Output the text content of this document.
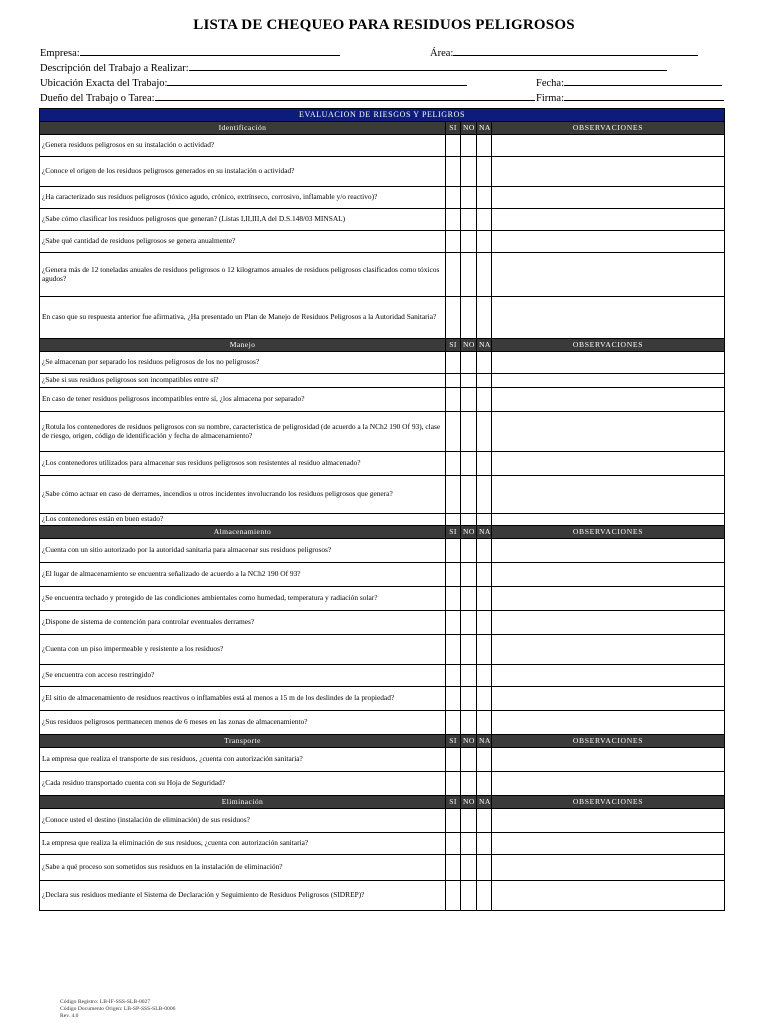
LISTA DE CHEQUEO PARA RESIDUOS PELIGROSOS
Empresa:	Área:
Descripción del Trabajo a Realizar:
Ubicación Exacta del Trabajo:	Fecha:
Dueño del Trabajo o Tarea:	Firma:
EVALUACION DE RIESGOS Y PELIGROS				
Identificación	SI	NO	NA	OBSERVACIONES
¿Genera residuos peligrosos en su instalación o actividad?				
¿Conoce el origen de los residuos peligrosos generados en su instalación o actividad?				
¿Ha caracterizado sus residuos peligrosos (tóxico agudo, crónico, extrínseco, corrosivo, inflamable y/o reactivo)?				
¿Sabe cómo clasificar los residuos peligrosos que generan? (Listas I,II,III,A del D.S.148/03 MINSAL)				
¿Sabe qué cantidad de residuos peligrosos se genera anualmente?				
¿Genera más de 12 toneladas anuales de residuos peligrosos o 12 kilogramos anuales de residuos peligrosos clasificados como tóxicos agudos?				
En caso que su respuesta anterior fue afirmativa, ¿Ha presentado un Plan de Manejo de Residuos Peligrosos a la Autoridad Sanitaria?				
Manejo	SI	NO	NA	OBSERVACIONES
¿Se almacenan por separado los residuos peligrosos de los no peligrosos?				
¿Sabe si sus residuos peligrosos son incompatibles entre sí?				
En caso de tener residuos peligrosos incompatibles entre sí, ¿los almacena por separado?				
¿Rotula los contenedores de residuos peligrosos con su nombre, característica de peligrosidad (de acuerdo a la NCh2 190 Of 93), clase de riesgo, origen, código de identificación y fecha de almacenamiento?				
¿Los contenedores utilizados para almacenar sus residuos peligrosos son resistentes al residuo almacenado?				
¿Sabe cómo actuar en caso de derrames, incendios u otros incidentes involucrando los residuos peligrosos que genera?				
¿Los contenedores están en buen estado?				
Almacenamiento	SI	NO	NA	OBSERVACIONES
¿Cuenta con un sitio autorizado por la autoridad sanitaria para almacenar sus residuos peligrosos?				
¿El lugar de almacenamiento se encuentra señalizado de acuerdo a la NCh2 190 Of 93?				
¿Se encuentra techado y protegido de las condiciones ambientales como humedad, temperatura y radiación solar?				
¿Dispone de sistema de contención para controlar eventuales derrames?				
¿Cuenta con un piso impermeable y resistente a los residuos?				
¿Se encuentra con acceso restringido?				
¿El sitio de almacenamiento de residuos reactivos o inflamables está al menos a 15 m de los deslindes de la propiedad?				
¿Sus residuos peligrosos permanecen menos de 6 meses en las zonas de almacenamiento?				
Transporte	SI	NO	NA	OBSERVACIONES
La empresa que realiza el transporte de sus residuos, ¿cuenta con autorización sanitaria?				
¿Cada residuo transportado cuenta con su Hoja de Seguridad?				
Eliminación	SI	NO	NA	OBSERVACIONES
¿Conoce usted el destino (instalación de eliminación) de sus residuos?				
La empresa que realiza la eliminación de sus residuos, ¿cuenta con autorización sanitaria?				
¿Sabe a qué proceso son sometidos sus residuos en la instalación de eliminación?				
¿Declara sus residuos mediante el Sistema de Declaración y Seguimiento de Residuos Peligrosos (SIDREP)?				
Código Registro: LB-IF-SSS-SLB-0027
Código Documento Origen: LB-SP-SSS-SLB-0006
Rev. 4.0
